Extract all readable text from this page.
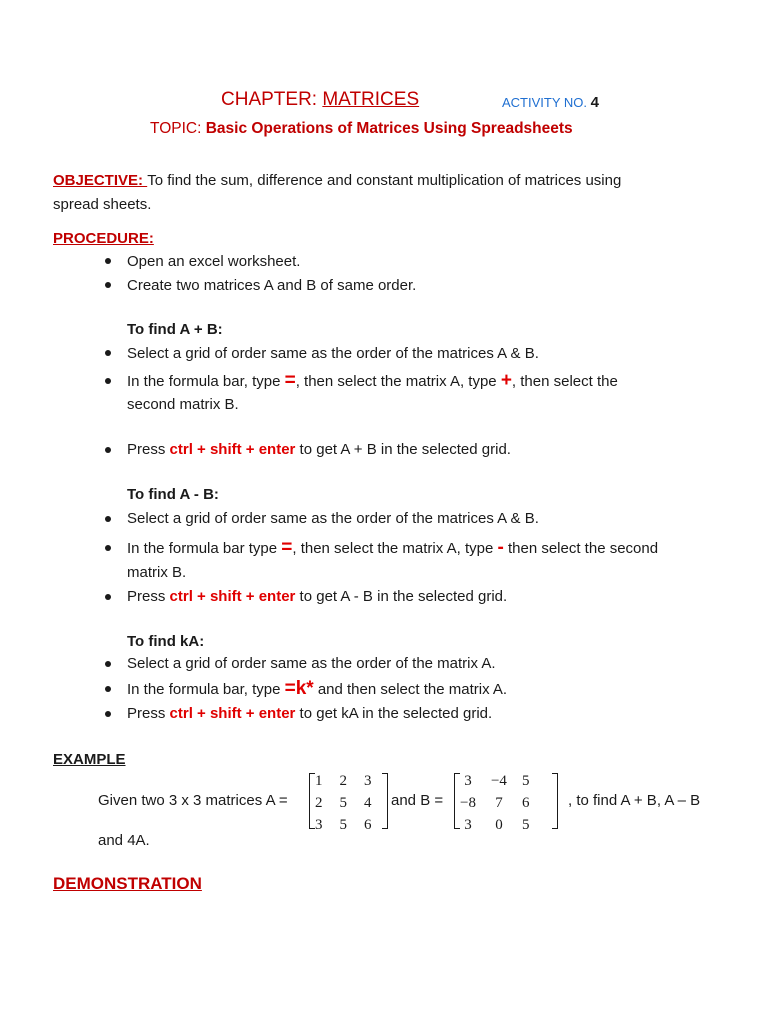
CHAPTER: MATRICES	ACTIVITY NO. 4
TOPIC: Basic Operations of Matrices Using Spreadsheets
OBJECTIVE: To find the sum, difference and constant multiplication of matrices using
spread sheets.
PROCEDURE:
Open an excel worksheet.
Create two matrices A and B of same order.
To find A + B:
Select a grid of order same as the order of the matrices A & B.
In the formula bar, type =, then select the matrix A, type +, then select the
second matrix B.
Press ctrl + shift + enter to get A + B in the selected grid.
To find A - B:
Select a grid of order same as the order of the matrices A & B.
In the formula bar type =, then select the matrix A, type - then select the second
matrix B.
Press ctrl + shift + enter to get A - B in the selected grid.
To find kA:
Select a grid of order same as the order of the matrix A.
In the formula bar, type =k* and then select the matrix A.
Press ctrl + shift + enter to get kA in the selected grid.
EXAMPLE
Given two 3 x 3 matrices A =
1 2 3
2 5 4
3 5 6
and B =
3 −4 5
−8 7 6
3 0 5
, to find A + B, A – B
and 4A.
DEMONSTRATION
